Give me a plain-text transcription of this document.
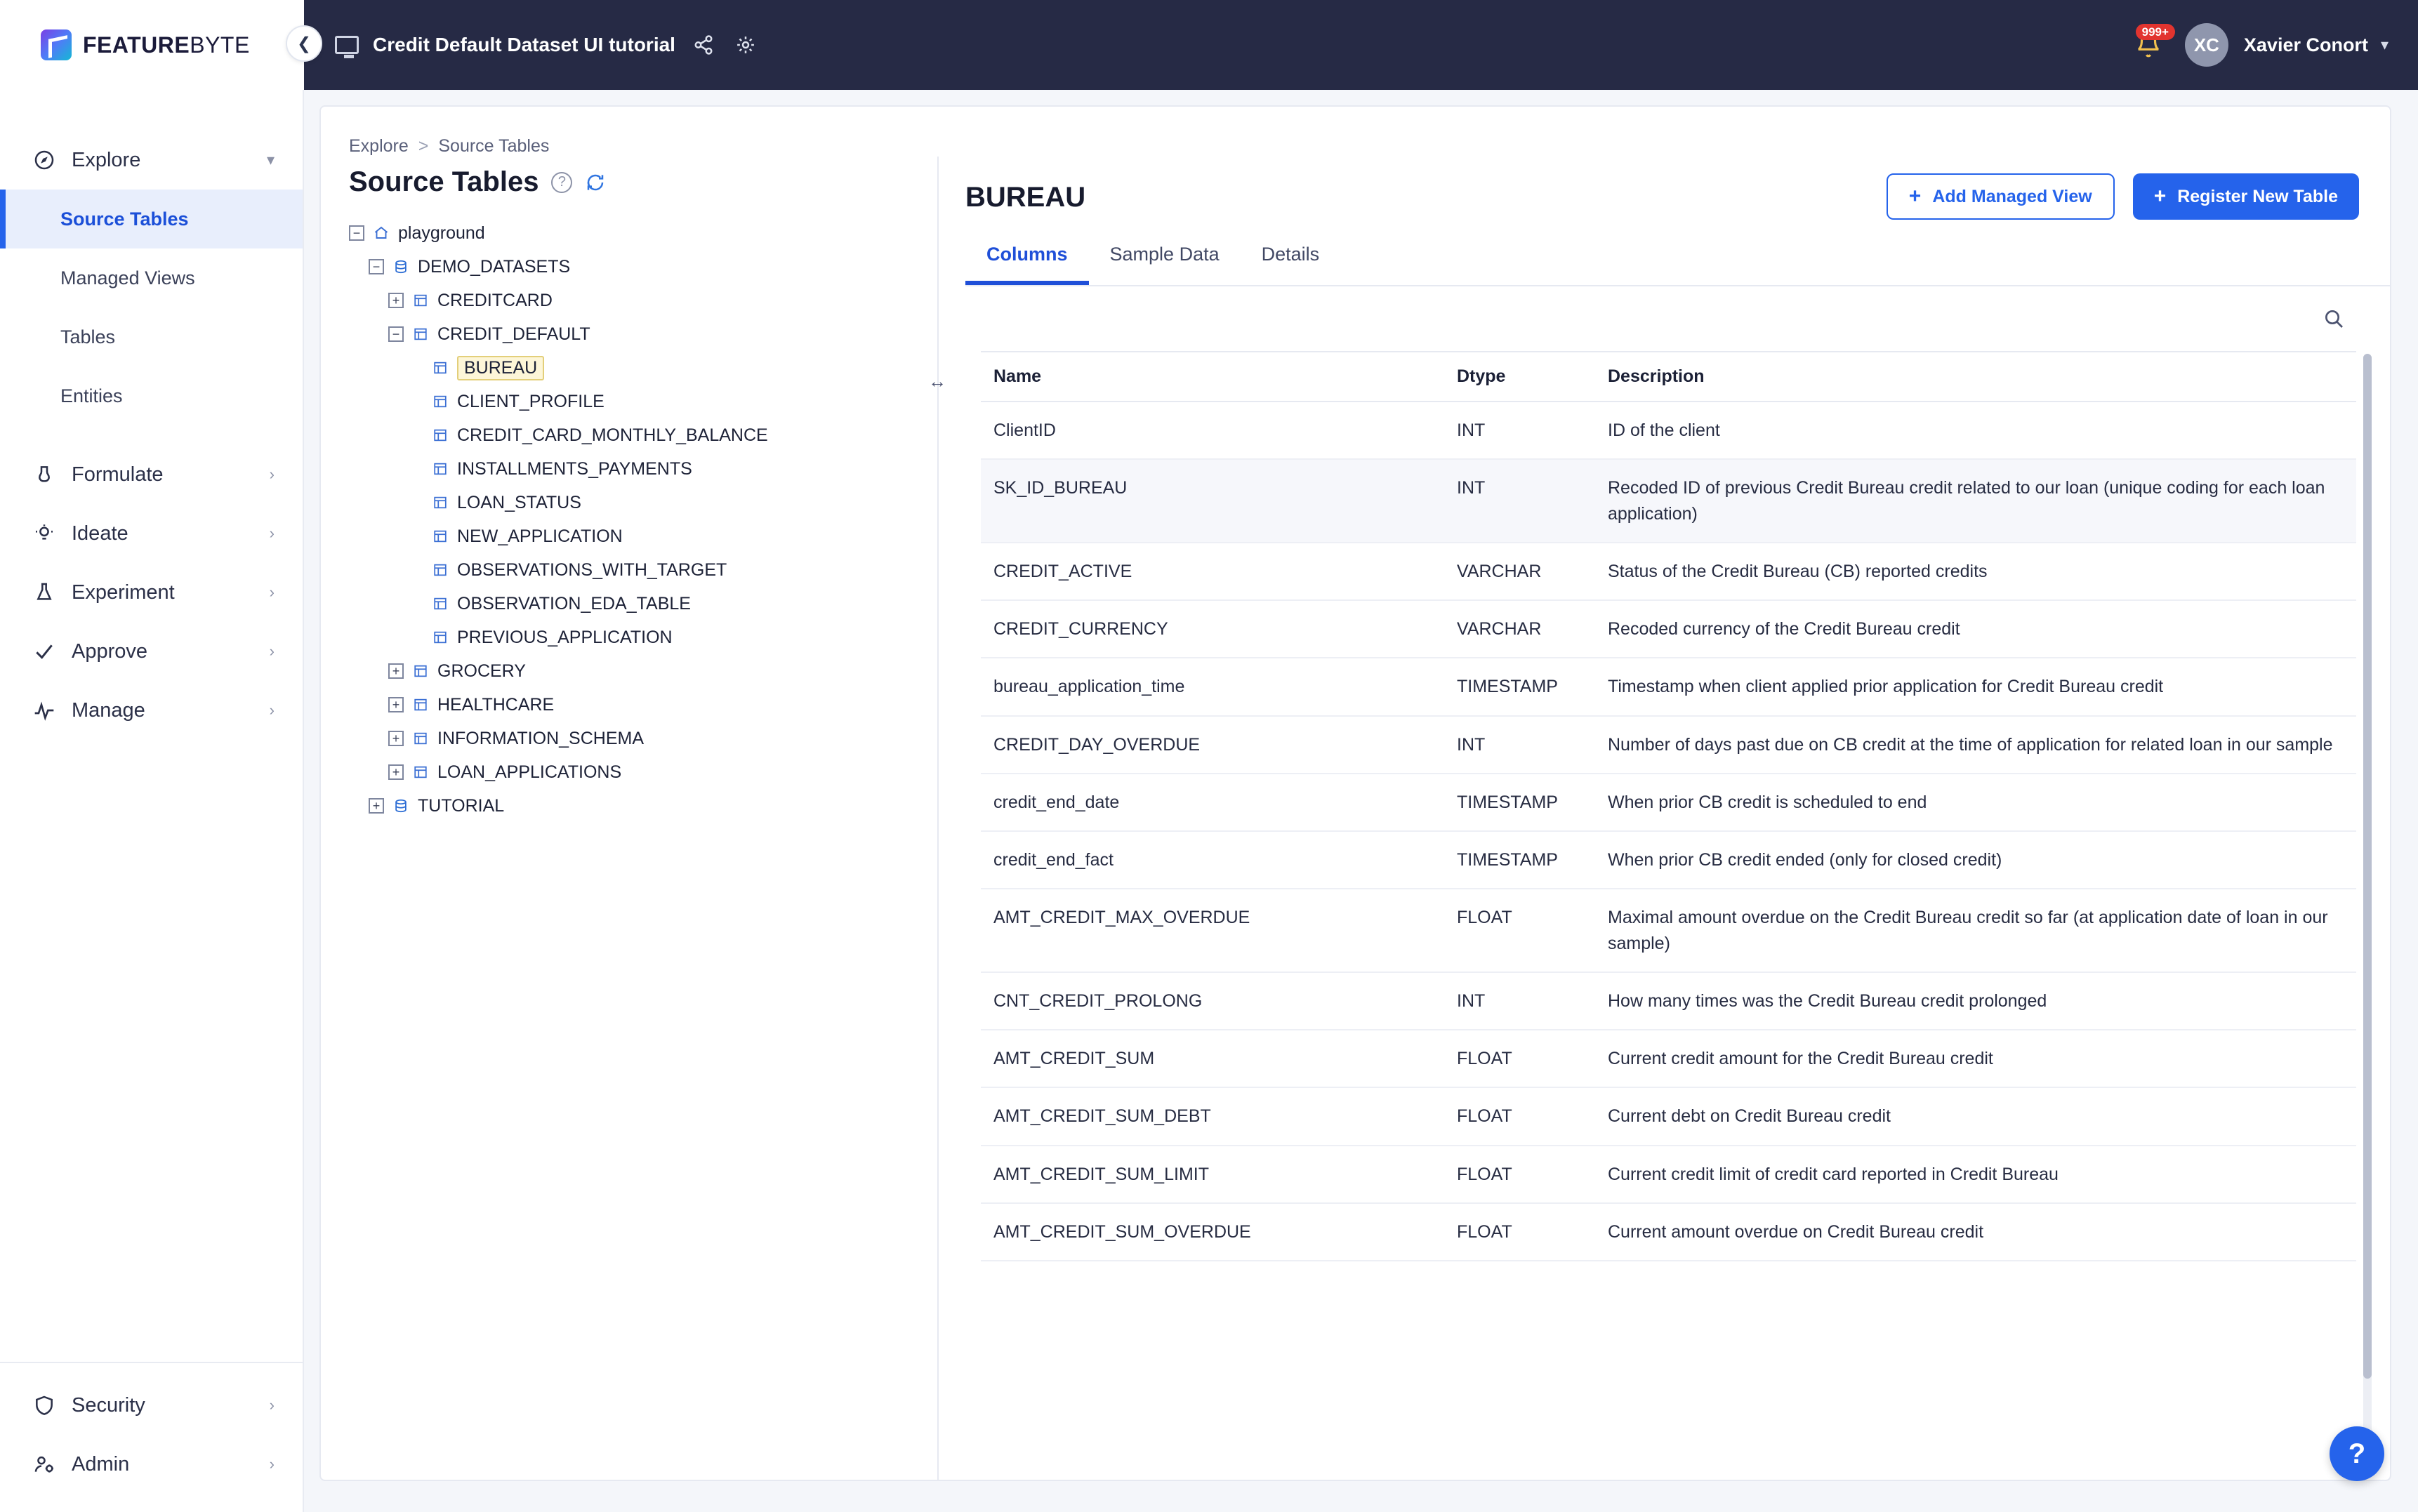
FEATUREBYTE	❮	Credit Default Dataset UI tutorial
999+
XC	Xavier Conort ▾
Explore	▾
Source Tables
Managed Views
Tables
Entities
Formulate	›
Ideate	›
Experiment	›
Approve	›
Manage	›
Security	›
Admin	›
Explore > Source Tables
Source Tables	?
− playground
− DEMO_DATASETS
+ CREDITCARD
− CREDIT_DEFAULT
BUREAU
CLIENT_PROFILE
CREDIT_CARD_MONTHLY_BALANCE
INSTALLMENTS_PAYMENTS
LOAN_STATUS
NEW_APPLICATION
OBSERVATIONS_WITH_TARGET
OBSERVATION_EDA_TABLE
PREVIOUS_APPLICATION
+ GROCERY
+ HEALTHCARE
+ INFORMATION_SCHEMA
+ LOAN_APPLICATIONS
+ TUTORIAL
↔
BUREAU	+ Add Managed View	+ Register New Table
Columns	Sample Data	Details
Name	Dtype	Description
ClientID	INT	ID of the client
SK_ID_BUREAU	INT	Recoded ID of previous Credit Bureau credit related to our loan (unique coding for each loan application)
CREDIT_ACTIVE	VARCHAR	Status of the Credit Bureau (CB) reported credits
CREDIT_CURRENCY	VARCHAR	Recoded currency of the Credit Bureau credit
bureau_application_time	TIMESTAMP	Timestamp when client applied prior application for Credit Bureau credit
CREDIT_DAY_OVERDUE	INT	Number of days past due on CB credit at the time of application for related loan in our sample
credit_end_date	TIMESTAMP	When prior CB credit is scheduled to end
credit_end_fact	TIMESTAMP	When prior CB credit ended (only for closed credit)
AMT_CREDIT_MAX_OVERDUE	FLOAT	Maximal amount overdue on the Credit Bureau credit so far (at application date of loan in our sample)
CNT_CREDIT_PROLONG	INT	How many times was the Credit Bureau credit prolonged
AMT_CREDIT_SUM	FLOAT	Current credit amount for the Credit Bureau credit
AMT_CREDIT_SUM_DEBT	FLOAT	Current debt on Credit Bureau credit
AMT_CREDIT_SUM_LIMIT	FLOAT	Current credit limit of credit card reported in Credit Bureau
AMT_CREDIT_SUM_OVERDUE	FLOAT	Current amount overdue on Credit Bureau credit
?
